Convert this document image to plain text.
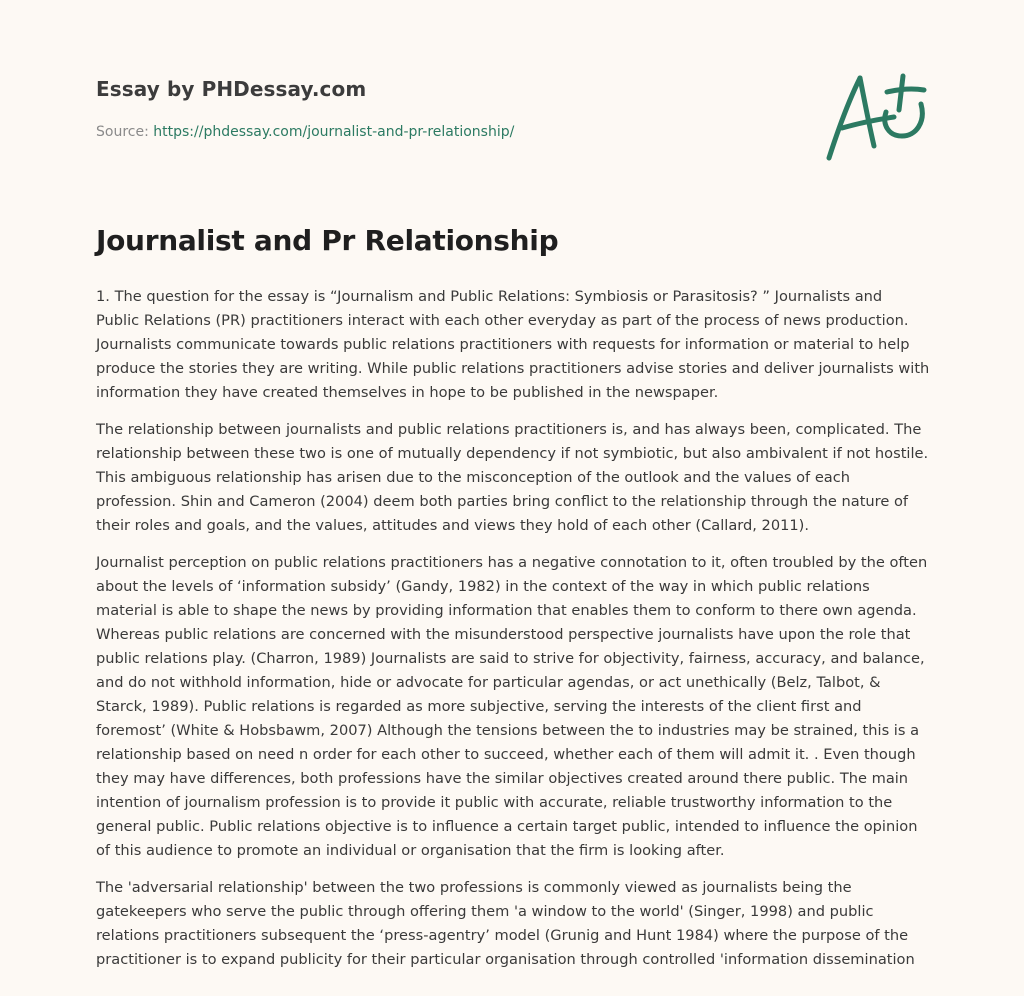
Essay by PHDessay.com
Source: https://phdessay.com/journalist-and-pr-relationship/
Journalist and Pr Relationship

1. The question for the essay is “Journalism and Public Relations: Symbiosis or Parasitosis? ” Journalists and Public Relations (PR) practitioners interact with each other everyday as part of the process of news production. Journalists communicate towards public relations practitioners with requests for information or material to help produce the stories they are writing. While public relations practitioners advise stories and deliver journalists with information they have created themselves in hope to be published in the newspaper.

The relationship between journalists and public relations practitioners is, and has always been, complicated. The relationship between these two is one of mutually dependency if not symbiotic, but also ambivalent if not hostile. This ambiguous relationship has arisen due to the misconception of the outlook and the values of each profession. Shin and Cameron (2004) deem both parties bring conflict to the relationship through the nature of their roles and goals, and the values, attitudes and views they hold of each other (Callard, 2011).

Journalist perception on public relations practitioners has a negative connotation to it, often troubled by the often about the levels of ‘information subsidy’ (Gandy, 1982) in the context of the way in which public relations material is able to shape the news by providing information that enables them to conform to there own agenda. Whereas public relations are concerned with the misunderstood perspective journalists have upon the role that public relations play. (Charron, 1989) Journalists are said to strive for objectivity, fairness, accuracy, and balance, and do not withhold information, hide or advocate for particular agendas, or act unethically (Belz, Talbot, & Starck, 1989). Public relations is regarded as more subjective, serving the interests of the client first and foremost’ (White & Hobsbawm, 2007) Although the tensions between the to industries may be strained, this is a relationship based on need n order for each other to succeed, whether each of them will admit it. . Even though they may have differences, both professions have the similar objectives created around there public. The main intention of journalism profession is to provide it public with accurate, reliable trustworthy information to the general public. Public relations objective is to influence a certain target public, intended to influence the opinion of this audience to promote an individual or organisation that the firm is looking after.

The 'adversarial relationship' between the two professions is commonly viewed as journalists being the gatekeepers who serve the public through offering them 'a window to the world' (Singer, 1998) and public relations practitioners subsequent the ‘press-agentry’ model (Grunig and Hunt 1984) where the purpose of the practitioner is to expand publicity for their particular organisation through controlled 'information dissemination
